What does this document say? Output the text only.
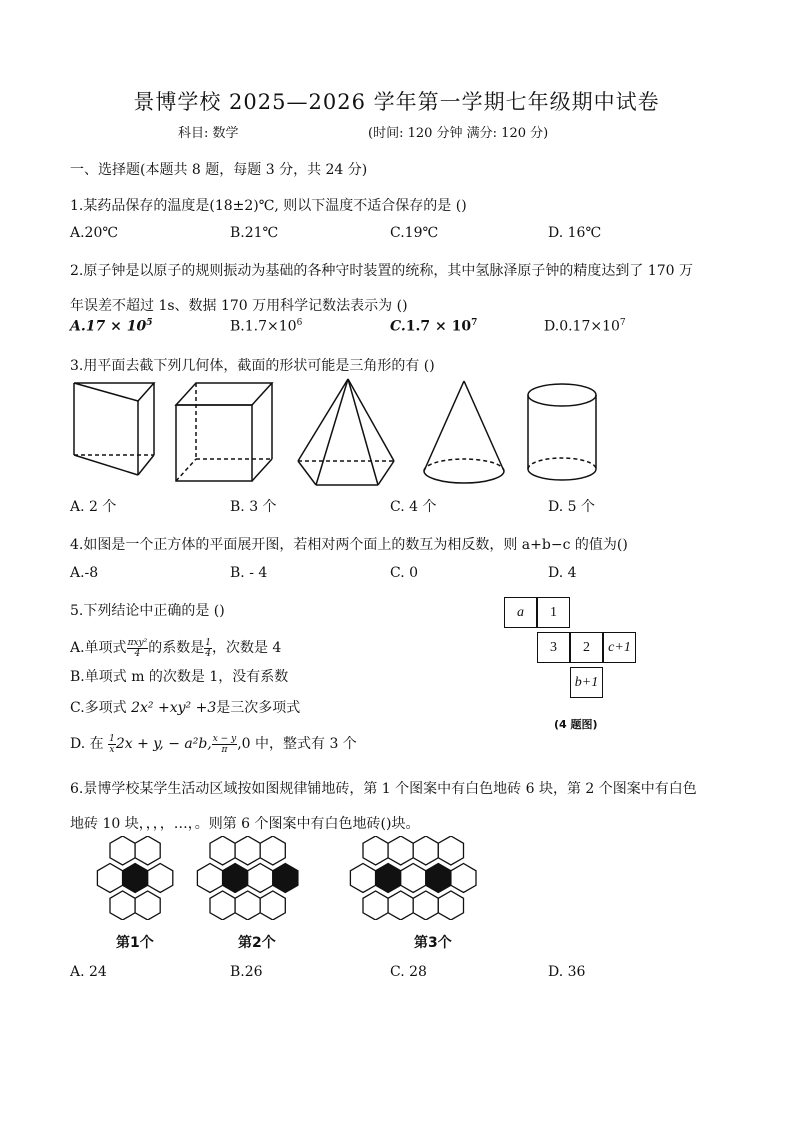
景博学校 2025—2026 学年第一学期七年级期中试卷
科目: 数学	(时间: 120 分钟 满分: 120 分)
一、选择题(本题共 8 题，每题 3 分，共 24 分)
1.某药品保存的温度是(18±2)℃, 则以下温度不适合保存的是 ()
A.20℃	B.21℃	C.19℃	D. 16℃
2.原子钟是以原子的规则振动为基础的各种守时装置的统称，其中氢脉泽原子钟的精度达到了 170 万
年误差不超过 1s、数据 170 万用科学记数法表示为 ()
$A.17 \times 10^5$	$B.1.7\times 10^6$	$C.1.7 \times 10^7$	$D.0.17\times 10^7$
3.用平面去截下列几何体，截面的形状可能是三角形的有 ()
A. 2 个	B. 3 个	C. 4 个	D. 5 个
4.如图是一个正方体的平面展开图，若相对两个面上的数互为相反数，则 a+b−c 的值为()
A.-8	B. - 4	C. 0	D. 4
a	1
3	2	c+1
b+1
(4 题图)
5.下列结论中正确的是 ()
A.单项式 $\frac{\text{πxy²}}{4}$ 的系数是 $\frac{1}{4}$ ，次数是 4
B.单项式 m 的次数是 1，没有系数
C.多项式 2x² +xy² +3是三次多项式
D. 在 $\frac{1}{x} 2x + y$, − a²b, $\frac{x - y}{\pi} ,0$ 中，整式有 3 个
6.景博学校某学生活动区域按如图规律铺地砖，第 1 个图案中有白色地砖 6 块，第 2 个图案中有白色
地砖 10 块，，，，…，。则第 6 个图案中有白色地砖()块。
第1个	第2个	第3个
A. 24	B.26	C. 28	D. 36
